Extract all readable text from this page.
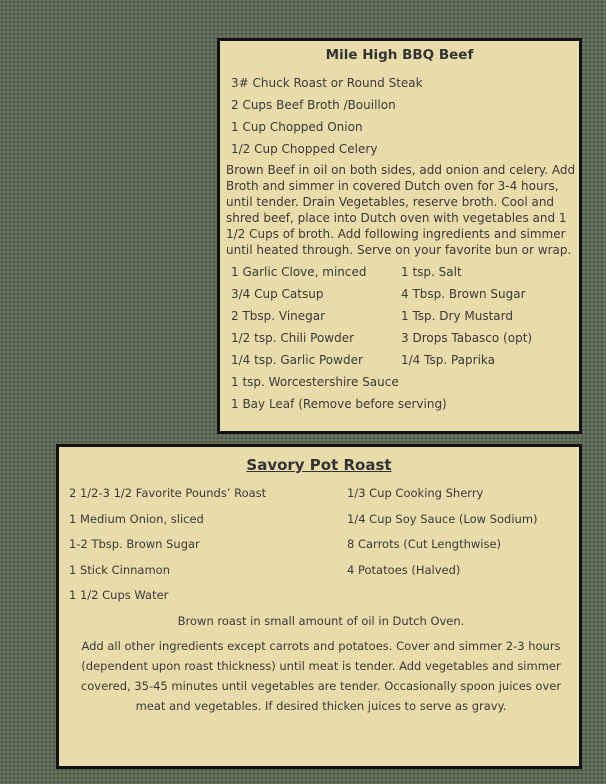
Mile High BBQ Beef
3# Chuck Roast or Round Steak
2 Cups Beef Broth /Bouillon
1 Cup Chopped Onion
1/2 Cup Chopped Celery

Brown Beef in oil on both sides, add onion and celery. Add Broth and simmer in covered Dutch oven for 3-4 hours, until tender. Drain Vegetables, reserve broth. Cool and shred beef, place into Dutch oven with vegetables and 1 1/2 Cups of broth. Add following ingredients and simmer until heated through. Serve on your favorite bun or wrap.

1 Garlic Clove, minced
3/4 Cup Catsup
2 Tbsp. Vinegar
1/2 tsp. Chili Powder
1/4 tsp. Garlic Powder
1 tsp. Worcestershire Sauce
1 Bay Leaf (Remove before serving)
1 tsp. Salt
4 Tbsp. Brown Sugar
1 Tsp. Dry Mustard
3 Drops Tabasco (opt)
1/4 Tsp. Paprika
Savory Pot Roast
2 1/2-3 1/2 Favorite Pounds’ Roast
1 Medium Onion, sliced
1-2 Tbsp. Brown Sugar
1 Stick Cinnamon
1 1/2 Cups Water
1/3 Cup Cooking Sherry
1/4 Cup Soy Sauce (Low Sodium)
8 Carrots (Cut Lengthwise)
4 Potatoes (Halved)

Brown roast in small amount of oil in Dutch Oven.

Add all other ingredients except carrots and potatoes. Cover and simmer 2-3 hours (dependent upon roast thickness) until meat is tender. Add vegetables and simmer covered, 35-45 minutes until vegetables are tender. Occasionally spoon juices over meat and vegetables. If desired thicken juices to serve as gravy.
